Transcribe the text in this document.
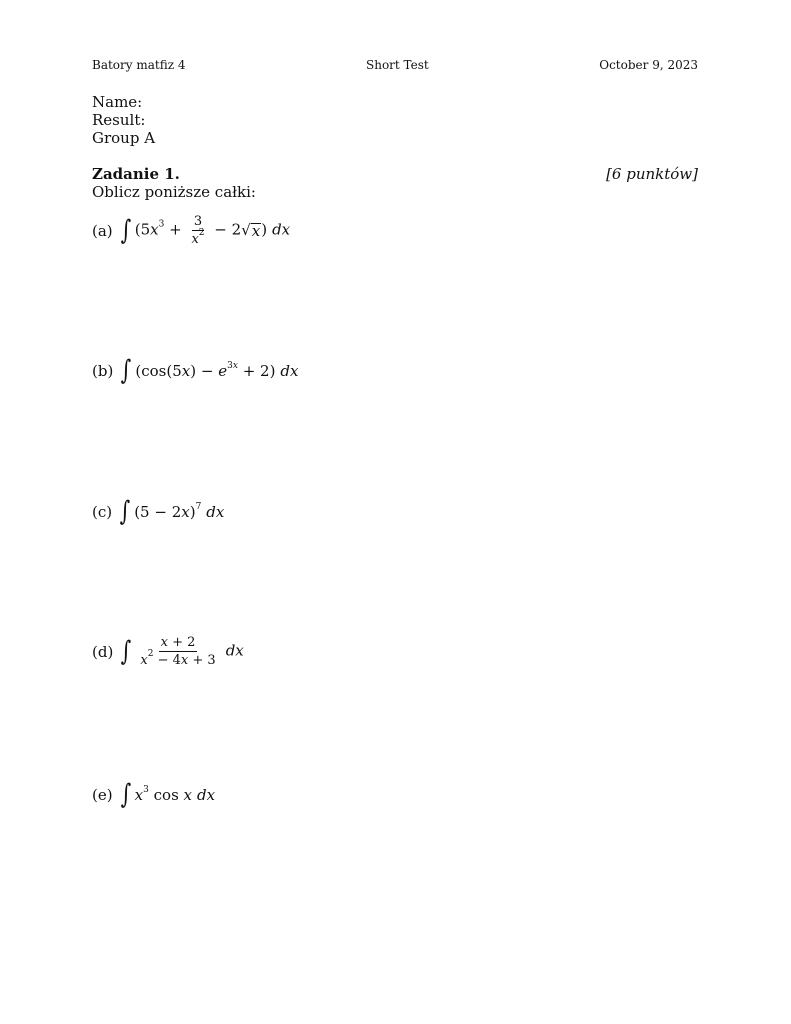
Batory matfiz 4	Short Test	October 9, 2023
Name:
Result:
Group A
Zadanie 1.	[6 punktów]
Oblicz poniższe całki:
(a) ∫ ($5x^3 + \frac{3}{x^2} - 2$ √ x ) dx
(b) ∫ $(\cos(5x) - e^{3x} + 2)$ dx
(c) ∫ $(5 - 2x)^7$ dx
(d) ∫ $\frac{x + 2}{x^2 - 4x + 3}$ dx
(e) ∫ $x^3$ cos x dx
